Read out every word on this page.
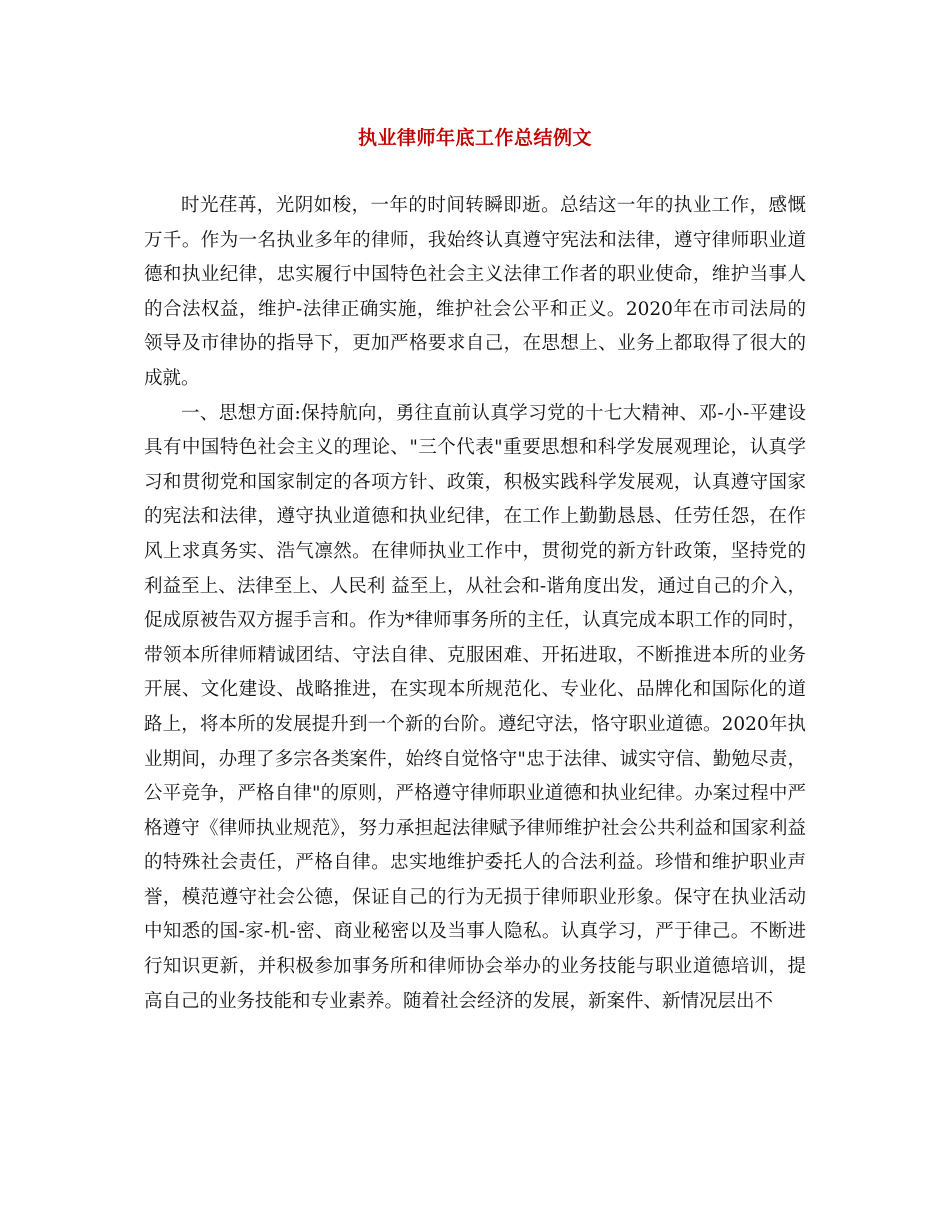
执业律师年底工作总结例文

时光荏苒，光阴如梭，一年的时间转瞬即逝。总结这一年的执业工作，感慨万千。作为一名执业多年的律师，我始终认真遵守宪法和法律，遵守律师职业道德和执业纪律，忠实履行中国特色社会主义法律工作者的职业使命，维护当事人的合法权益，维护-法律正确实施，维护社会公平和正义。2020年在市司法局的领导及市律协的指导下，更加严格要求自己，在思想上、业务上都取得了很大的成就。

一、思想方面:保持航向，勇往直前认真学习党的十七大精神、邓-小-平建设具有中国特色社会主义的理论、"三个代表"重要思想和科学发展观理论，认真学习和贯彻党和国家制定的各项方针、政策，积极实践科学发展观，认真遵守国家的宪法和法律，遵守执业道德和执业纪律，在工作上勤勤恳恳、任劳任怨，在作风上求真务实、浩气凛然。在律师执业工作中，贯彻党的新方针政策，坚持党的利益至上、法律至上、人民利 益至上，从社会和-谐角度出发，通过自己的介入，促成原被告双方握手言和。作为*律师事务所的主任，认真完成本职工作的同时，带领本所律师精诚团结、守法自律、克服困难、开拓进取，不断推进本所的业务开展、文化建设、战略推进，在实现本所规范化、专业化、品牌化和国际化的道路上，将本所的发展提升到一个新的台阶。遵纪守法，恪守职业道德。2020年执业期间，办理了多宗各类案件，始终自觉恪守"忠于法律、诚实守信、勤勉尽责，公平竞争，严格自律"的原则，严格遵守律师职业道德和执业纪律。办案过程中严格遵守《律师执业规范》，努力承担起法律赋予律师维护社会公共利益和国家利益的特殊社会责任，严格自律。忠实地维护委托人的合法利益。珍惜和维护职业声誉，模范遵守社会公德，保证自己的行为无损于律师职业形象。保守在执业活动中知悉的国-家-机-密、商业秘密以及当事人隐私。认真学习，严于律己。不断进行知识更新，并积极参加事务所和律师协会举办的业务技能与职业道德培训，提高自己的业务技能和专业素养。随着社会经济的发展，新案件、新情况层出不
